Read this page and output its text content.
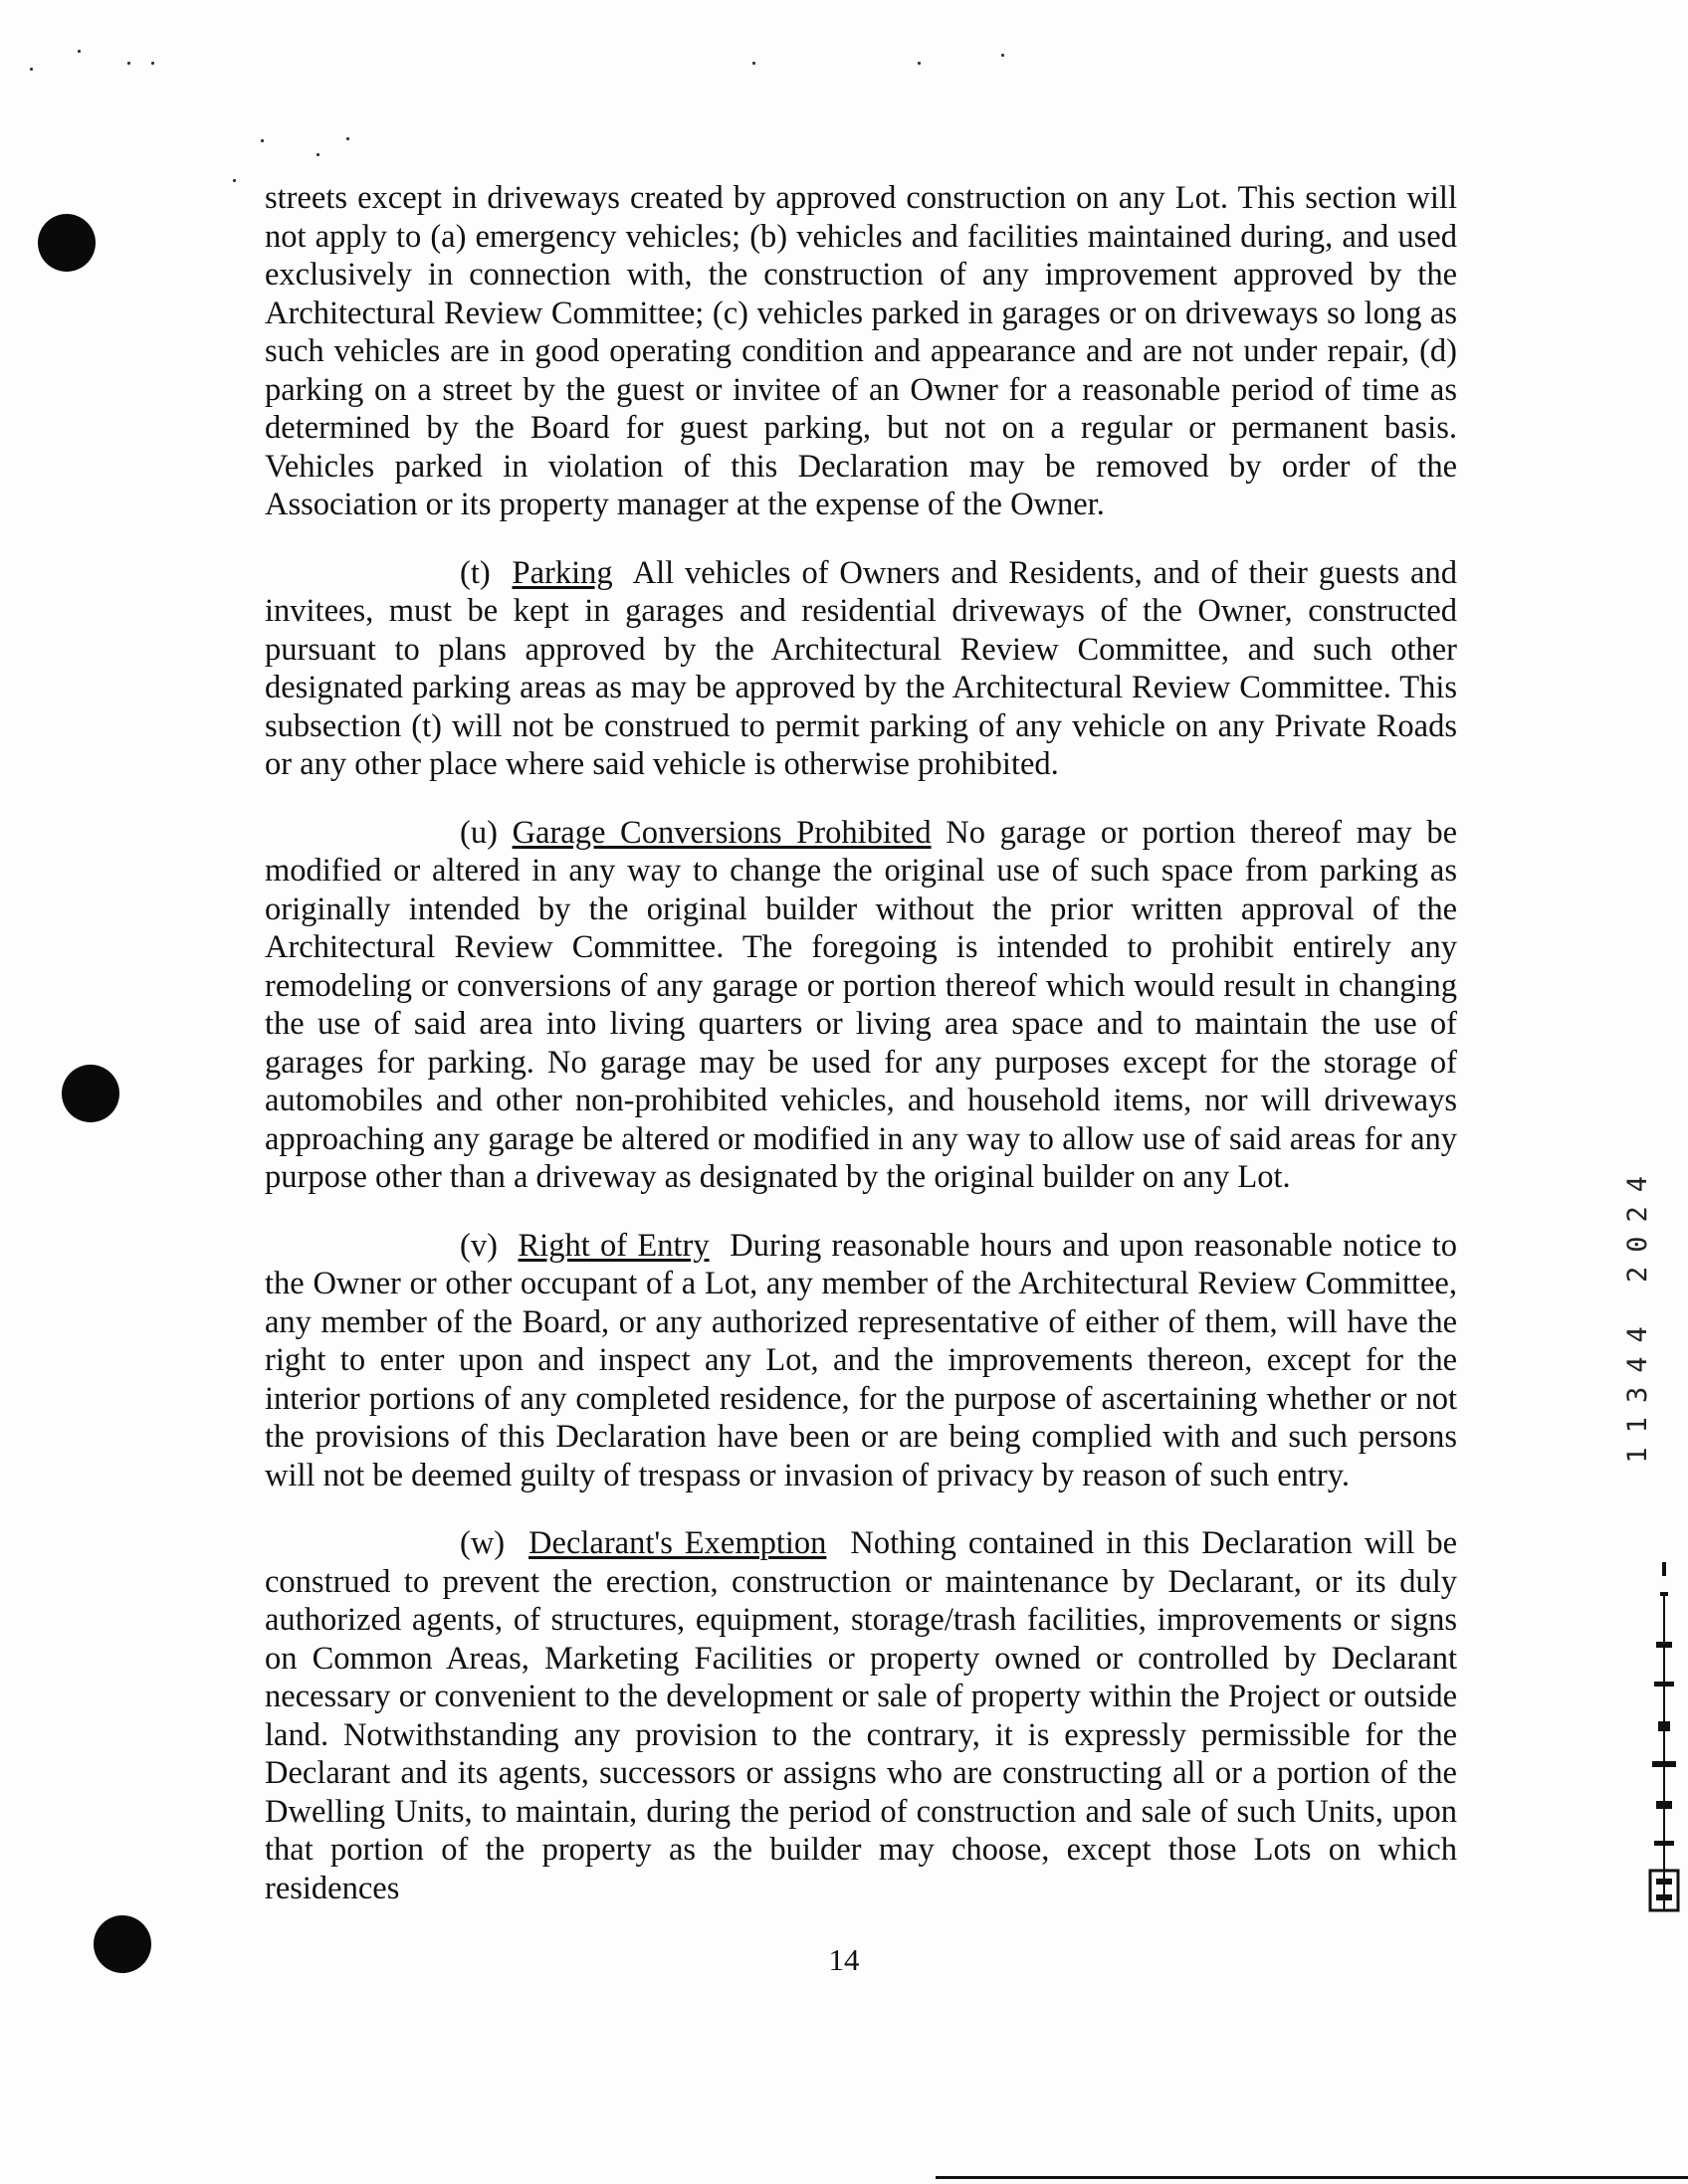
streets except in driveways created by approved construction on any Lot. This section will not apply to (a) emergency vehicles; (b) vehicles and facilities maintained during, and used exclusively in connection with, the construction of any improvement approved by the Architectural Review Committee; (c) vehicles parked in garages or on driveways so long as such vehicles are in good operating condition and appearance and are not under repair, (d) parking on a street by the guest or invitee of an Owner for a reasonable period of time as determined by the Board for guest parking, but not on a regular or permanent basis. Vehicles parked in violation of this Declaration may be removed by order of the Association or its property manager at the expense of the Owner.

(t) Parking All vehicles of Owners and Residents, and of their guests and invitees, must be kept in garages and residential driveways of the Owner, constructed pursuant to plans approved by the Architectural Review Committee, and such other designated parking areas as may be approved by the Architectural Review Committee. This subsection (t) will not be construed to permit parking of any vehicle on any Private Roads or any other place where said vehicle is otherwise prohibited.

(u) Garage Conversions Prohibited No garage or portion thereof may be modified or altered in any way to change the original use of such space from parking as originally intended by the original builder without the prior written approval of the Architectural Review Committee. The foregoing is intended to prohibit entirely any remodeling or conversions of any garage or portion thereof which would result in changing the use of said area into living quarters or living area space and to maintain the use of garages for parking. No garage may be used for any purposes except for the storage of automobiles and other non-prohibited vehicles, and household items, nor will driveways approaching any garage be altered or modified in any way to allow use of said areas for any purpose other than a driveway as designated by the original builder on any Lot.

(v) Right of Entry During reasonable hours and upon reasonable notice to the Owner or other occupant of a Lot, any member of the Architectural Review Committee, any member of the Board, or any authorized representative of either of them, will have the right to enter upon and inspect any Lot, and the improvements thereon, except for the interior portions of any completed residence, for the purpose of ascertaining whether or not the provisions of this Declaration have been or are being complied with and such persons will not be deemed guilty of trespass or invasion of privacy by reason of such entry.

(w) Declarant's Exemption Nothing contained in this Declaration will be construed to prevent the erection, construction or maintenance by Declarant, or its duly authorized agents, of structures, equipment, storage/trash facilities, improvements or signs on Common Areas, Marketing Facilities or property owned or controlled by Declarant necessary or convenient to the development or sale of property within the Project or outside land. Notwithstanding any provision to the contrary, it is expressly permissible for the Declarant and its agents, successors or assigns who are constructing all or a portion of the Dwelling Units, to maintain, during the period of construction and sale of such Units, upon that portion of the property as the builder may choose, except those Lots on which residences

14
11344 2024
